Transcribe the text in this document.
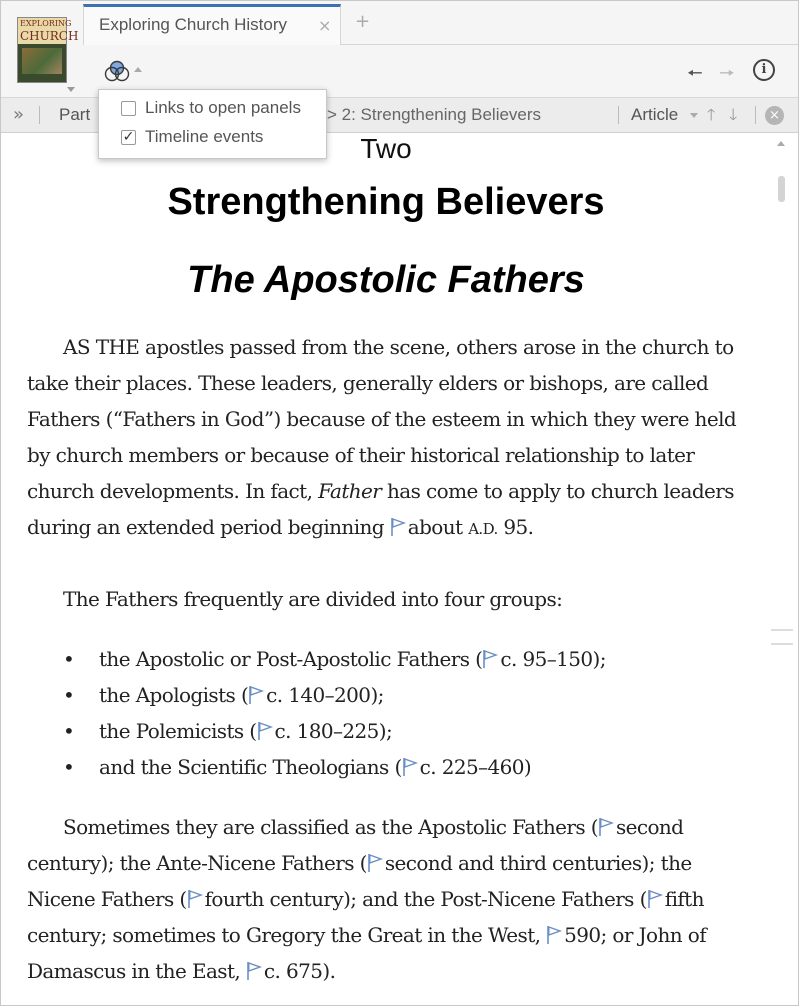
EXPLORING
CHURCH
Exploring Church History × +
🠔 🠖	i
» Part	> 2: Strengthening Believers	Article 🡑 🡓	×
Two
Strengthening Believers
The Apostolic Fathers
AS THE apostles passed from the scene, others arose in the church to take their places. These leaders, generally elders or bishops, are called Fathers (“Fathers in God”) because of the esteem in which they were held by church members or because of their historical relationship to later church developments. In fact, Father has come to apply to church leaders during an extended period beginning about A.D. 95.
The Fathers frequently are divided into four groups:
• the Apostolic or Post-Apostolic Fathers ( c. 95–150);
• the Apologists ( c. 140–200);
• the Polemicists ( c. 180–225);
• and the Scientific Theologians ( c. 225–460)
Sometimes they are classified as the Apostolic Fathers ( second century); the Ante-Nicene Fathers ( second and third centuries); the Nicene Fathers ( fourth century); and the Post-Nicene Fathers ( fifth century; sometimes to Gregory the Great in the West, 590; or John of Damascus in the East, c. 675).
Links to open panels
✓ Timeline events
